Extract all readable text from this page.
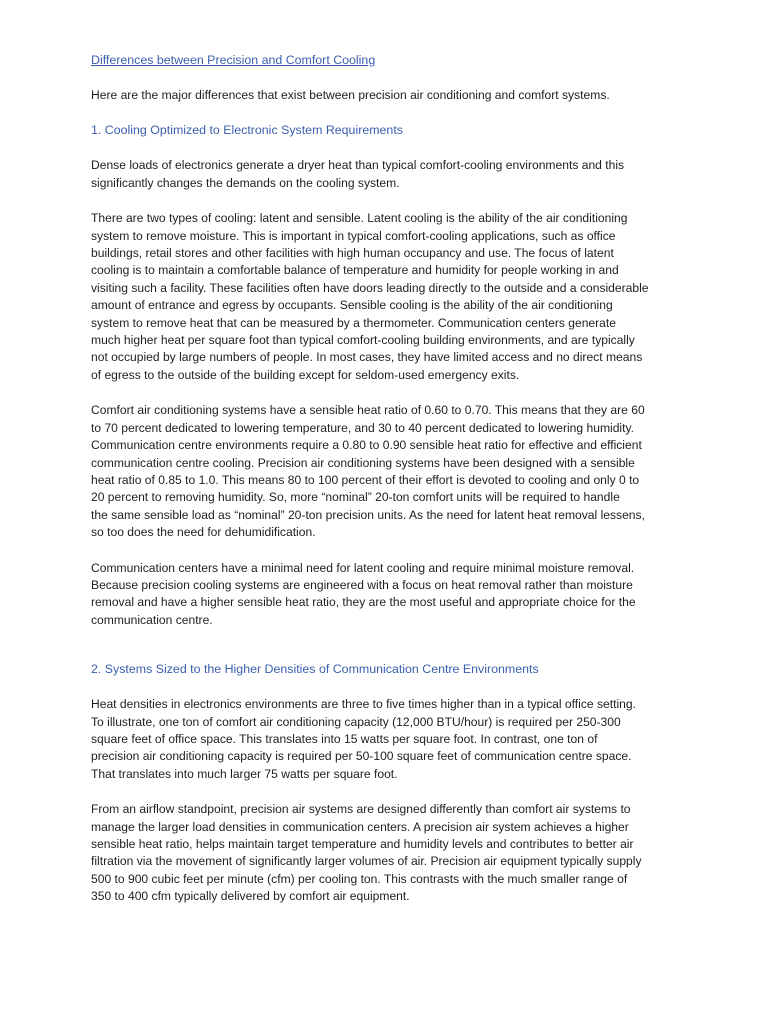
Differences between Precision and Comfort Cooling

Here are the major differences that exist between precision air conditioning and comfort systems.

1. Cooling Optimized to Electronic System Requirements

Dense loads of electronics generate a dryer heat than typical comfort-cooling environments and this
significantly changes the demands on the cooling system.

There are two types of cooling: latent and sensible. Latent cooling is the ability of the air conditioning
system to remove moisture. This is important in typical comfort-cooling applications, such as office
buildings, retail stores and other facilities with high human occupancy and use. The focus of latent
cooling is to maintain a comfortable balance of temperature and humidity for people working in and
visiting such a facility. These facilities often have doors leading directly to the outside and a considerable
amount of entrance and egress by occupants. Sensible cooling is the ability of the air conditioning
system to remove heat that can be measured by a thermometer. Communication centers generate
much higher heat per square foot than typical comfort-cooling building environments, and are typically
not occupied by large numbers of people. In most cases, they have limited access and no direct means
of egress to the outside of the building except for seldom-used emergency exits.

Comfort air conditioning systems have a sensible heat ratio of 0.60 to 0.70. This means that they are 60
to 70 percent dedicated to lowering temperature, and 30 to 40 percent dedicated to lowering humidity.
Communication centre environments require a 0.80 to 0.90 sensible heat ratio for effective and efficient
communication centre cooling. Precision air conditioning systems have been designed with a sensible
heat ratio of 0.85 to 1.0. This means 80 to 100 percent of their effort is devoted to cooling and only 0 to
20 percent to removing humidity. So, more “nominal” 20-ton comfort units will be required to handle
the same sensible load as “nominal” 20-ton precision units. As the need for latent heat removal lessens,
so too does the need for dehumidification.

Communication centers have a minimal need for latent cooling and require minimal moisture removal.
Because precision cooling systems are engineered with a focus on heat removal rather than moisture
removal and have a higher sensible heat ratio, they are the most useful and appropriate choice for the
communication centre.

2. Systems Sized to the Higher Densities of Communication Centre Environments

Heat densities in electronics environments are three to five times higher than in a typical office setting.
To illustrate, one ton of comfort air conditioning capacity (12,000 BTU/hour) is required per 250-300
square feet of office space. This translates into 15 watts per square foot. In contrast, one ton of
precision air conditioning capacity is required per 50-100 square feet of communication centre space.
That translates into much larger 75 watts per square foot.

From an airflow standpoint, precision air systems are designed differently than comfort air systems to
manage the larger load densities in communication centers. A precision air system achieves a higher
sensible heat ratio, helps maintain target temperature and humidity levels and contributes to better air
filtration via the movement of significantly larger volumes of air. Precision air equipment typically supply
500 to 900 cubic feet per minute (cfm) per cooling ton. This contrasts with the much smaller range of
350 to 400 cfm typically delivered by comfort air equipment.
